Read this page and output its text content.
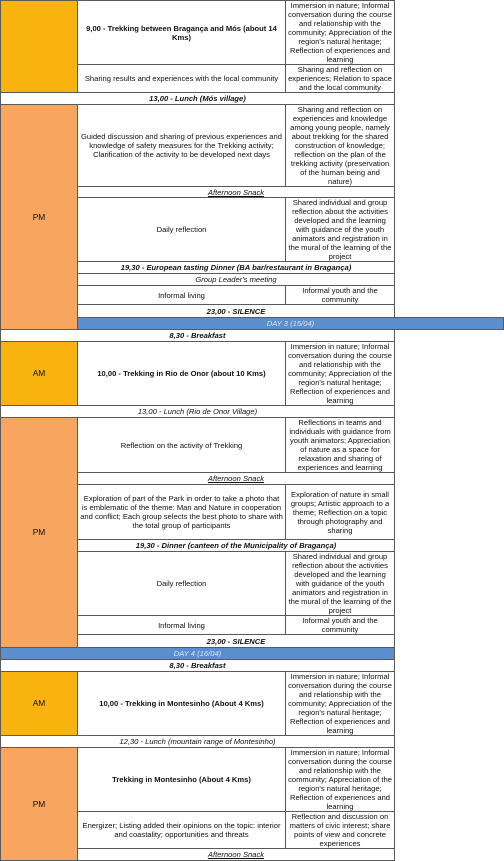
	9,00 - Trekking between Bragança and Mós (about 14 Kms)	Immersion in nature; Informal conversation during the course and relationship with the community; Appreciation of the region's natural heritage; Reflection of experiences and learning
	Sharing results and experiences with the local community	Sharing and reflection on experiences; Relation to space and the local community
13,00 - Lunch (Mós village)		
PM	Guided discussion and sharing of previous experiences and knowledge of safety measures for the Trekking activity; Clarification of the activity to be developed next days	Sharing and reflection on experiences and knowledge among young people, namely about trekking for the shared construction of knowledge; reflection on the plan of the trekking activity (preservation of the human being and nature)
	Afternoon Snack	
	Daily reflection	Shared individual and group reflection about the activities developed and the learning with guidance of the youth animators and registration in the mural of the learning of the project
	19,30 - European tasting Dinner (BA bar/restaurant in Bragança)	
	Group Leader's meeting	
	Informal living	Informal youth and the community
	23,00 - SILENCE	
	DAY 3 (15/04)	
8,30 - Breakfast		
AM	10,00 - Trekking in Rio de Onor (about 10 Kms)	Immersion in nature; Informal conversation during the course and relationship with the community; Appreciation of the region's natural heritage; Reflection of experiences and learning
13,00 - Lunch (Rio de Onor Village)		
PM	Reflection on the activity of Trekking	Reflections in teams and individuals with guidance from youth animators; Appreciation of nature as a space for relaxation and sharing of experiences and learning
	Afternoon Snack	
	Exploration of part of the Park in order to take a photo that is emblematic of the theme: Man and Nature in cooperation and conflict; Each group selects the best photo to share with the total group of participants	Exploration of nature in small groups; Artistic approach to a theme; Reflection on a topic through photography and sharing
	19,30 - Dinner (canteen of the Municipality of Bragança)	
	Daily reflection	Shared individual and group reflection about the activities developed and the learning with guidance of the youth animators and registration in the mural of the learning of the project
	Informal living	Informal youth and the community
	23,00 - SILENCE	
DAY 4 (16/04)		
8,30 - Breakfast		
AM	10,00 - Trekking in Montesinho (About 4 Kms)	Immersion in nature; Informal conversation during the course and relationship with the community; Appreciation of the region's natural heritage; Reflection of experiences and learning
12,30 - Lunch (mountain range of Montesinho)		
PM	Trekking in Montesinho (About 4 Kms)	Immersion in nature; Informal conversation during the course and relationship with the community; Appreciation of the region's natural heritage; Reflection of experiences and learning
	Energizer; Listing added their opinions on the topic: interior and coastality; opportunities and threats	Reflection and discussion on matters of civic interest; share points of view and concrete experiences
	Afternoon Snack	
